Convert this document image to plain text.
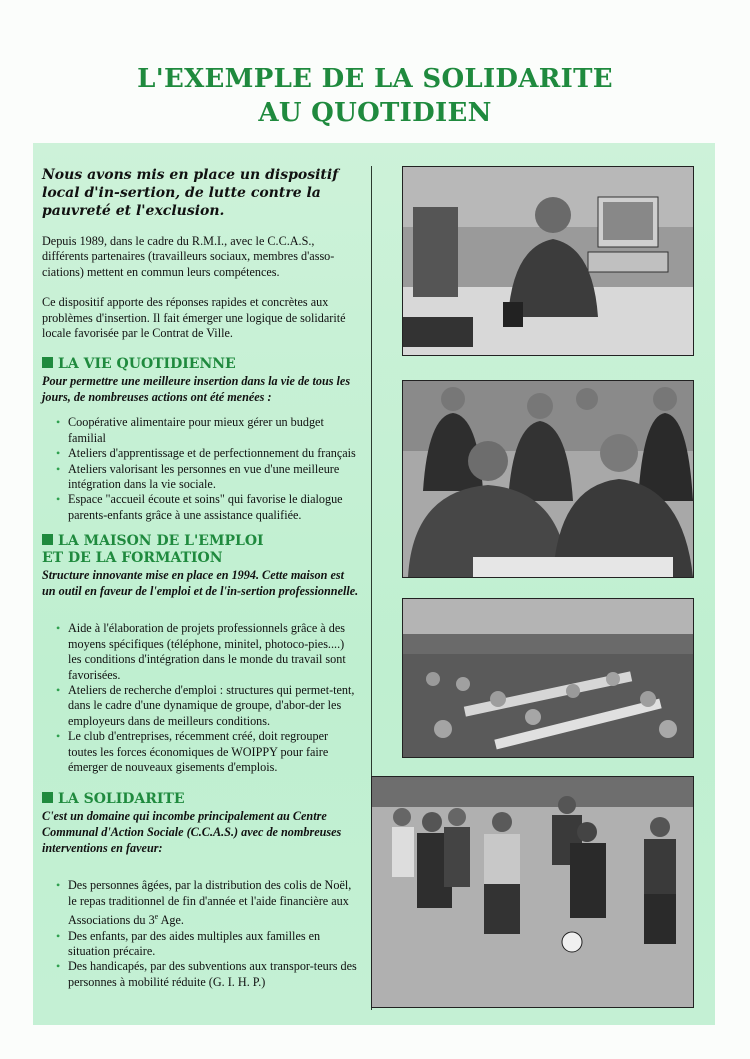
L'EXEMPLE DE LA SOLIDARITE
AU QUOTIDIEN

Nous avons mis en place un dispositif local d'in-sertion, de lutte contre la pauvreté et l'exclusion.

Depuis 1989, dans le cadre du R.M.I., avec le C.C.A.S., différents partenaires (travailleurs sociaux, membres d'asso-ciations) mettent en commun leurs compétences.

Ce dispositif apporte des réponses rapides et concrètes aux problèmes d'insertion. Il fait émerger une logique de solidarité locale favorisée par le Contrat de Ville.

LA VIE QUOTIDIENNE

Pour permettre une meilleure insertion dans la vie de tous les jours, de nombreuses actions ont été menées :

• Coopérative alimentaire pour mieux gérer un budget familial
• Ateliers d'apprentissage et de perfectionnement du français
• Ateliers valorisant les personnes en vue d'une meilleure intégration dans la vie sociale.
• Espace "accueil écoute et soins" qui favorise le dialogue parents-enfants grâce à une assistance qualifiée.
LA MAISON DE L'EMPLOI
ET DE LA FORMATION

Structure innovante mise en place en 1994. Cette maison est un outil en faveur de l'emploi et de l'in-sertion professionnelle.

• Aide à l'élaboration de projets professionnels grâce à des moyens spécifiques (téléphone, minitel, photoco-pies....) les conditions d'intégration dans le monde du travail sont favorisées.
• Ateliers de recherche d'emploi : structures qui permet-tent, dans le cadre d'une dynamique de groupe, d'abor-der les employeurs dans de meilleurs conditions.
• Le club d'entreprises, récemment créé, doit regrouper toutes les forces économiques de WOIPPY pour faire émerger de nouveaux gisements d'emplois.
LA SOLIDARITE

C'est un domaine qui incombe principalement au Centre Communal d'Action Sociale (C.C.A.S.) avec de nombreuses interventions en faveur:

• Des personnes âgées, par la distribution des colis de Noël, le repas traditionnel de fin d'année et l'aide financière aux Associations du 3e Age.
• Des enfants, par des aides multiples aux familles en situation précaire.
• Des handicapés, par des subventions aux transpor-teurs des personnes à mobilité réduite (G. I. H. P.)
